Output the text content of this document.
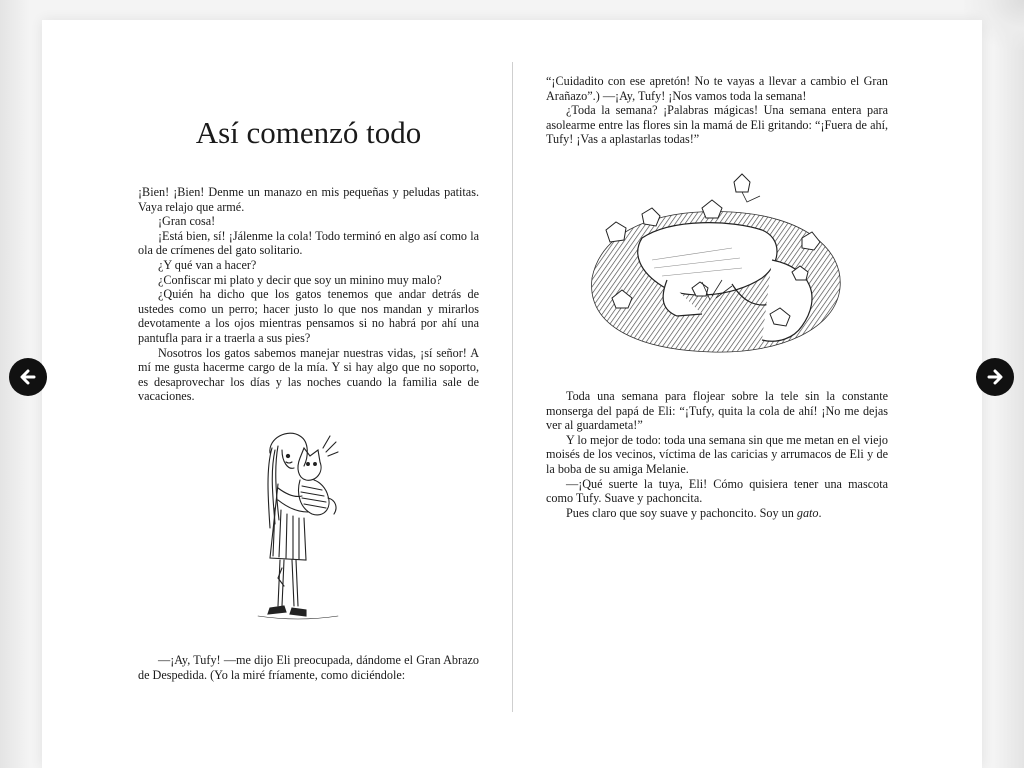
Así comenzó todo

¡Bien! ¡Bien! Denme un manazo en mis pequeñas y peludas patitas. Vaya relajo que armé.

¡Gran cosa!

¡Está bien, sí! ¡Jálenme la cola! Todo terminó en algo así como la ola de crímenes del gato solitario.

¿Y qué van a hacer?

¿Confiscar mi plato y decir que soy un minino muy malo?

¿Quién ha dicho que los gatos tenemos que andar detrás de ustedes como un perro; hacer justo lo que nos mandan y mirarlos devotamente a los ojos mientras pensamos si no habrá por ahí una pantufla para ir a traerla a sus pies?

Nosotros los gatos sabemos manejar nuestras vidas, ¡sí señor! A mí me gusta hacerme cargo de la mía. Y si hay algo que no soporto, es desaprovechar los días y las noches cuando la familia sale de vacaciones.

—¡Ay, Tufy! —me dijo Eli preocupada, dándome el Gran Abrazo de Despedida. (Yo la miré fríamente, como diciéndole:

“¡Cuidadito con ese apretón! No te vayas a llevar a cambio el Gran Arañazo”.) —¡Ay, Tufy! ¡Nos vamos toda la semana!

¿Toda la semana? ¡Palabras mágicas! Una semana entera para asolearme entre las flores sin la mamá de Eli gritando: “¡Fuera de ahí, Tufy! ¡Vas a aplastarlas todas!”

Toda una semana para flojear sobre la tele sin la constante monserga del papá de Eli: “¡Tufy, quita la cola de ahí! ¡No me dejas ver al guardameta!”

Y lo mejor de todo: toda una semana sin que me metan en el viejo moisés de los vecinos, víctima de las caricias y arrumacos de Eli y de la boba de su amiga Melanie.

—¡Qué suerte la tuya, Eli! Cómo quisiera tener una mascota como Tufy. Suave y pachoncita.

Pues claro que soy suave y pachoncito. Soy un gato.
